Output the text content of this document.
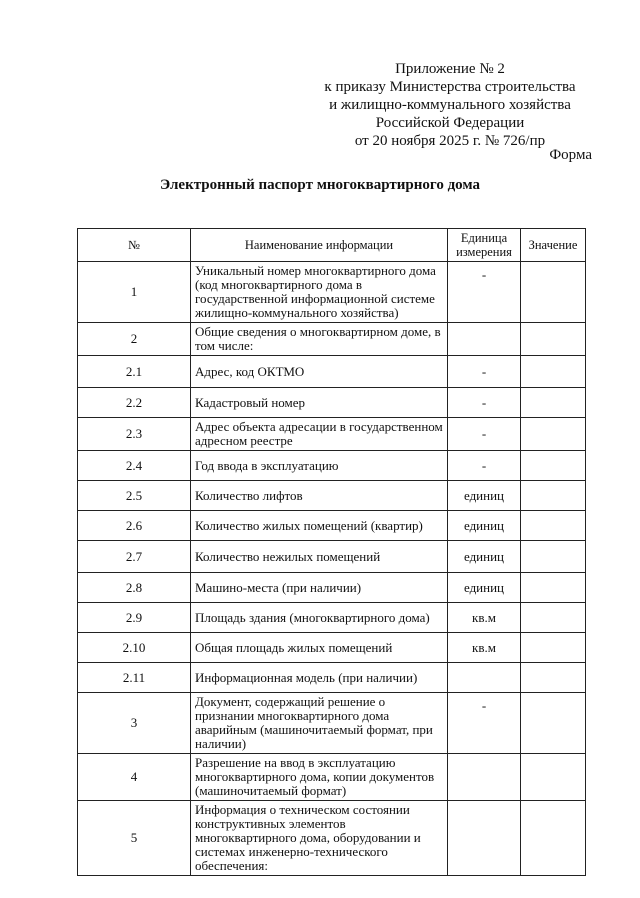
Приложение № 2
к приказу Министерства строительства
и жилищно-коммунального хозяйства
Российской Федерации
от 20 ноября 2025 г. № 726/пр
Форма
Электронный паспорт многоквартирного дома
№	Наименование информации	Единица измерения	Значение
1	Уникальный номер многоквартирного дома (код многоквартирного дома в государственной информационной системе жилищно-коммунального хозяйства)	-	
2	Общие сведения о многоквартирном доме, в том числе:		
2.1	Адрес, код ОКТМО	-	
2.2	Кадастровый номер	-	
2.3	Адрес объекта адресации в государственном адресном реестре	-	
2.4	Год ввода в эксплуатацию	-	
2.5	Количество лифтов	единиц	
2.6	Количество жилых помещений (квартир)	единиц	
2.7	Количество нежилых помещений	единиц	
2.8	Машино-места (при наличии)	единиц	
2.9	Площадь здания (многоквартирного дома)	кв.м	
2.10	Общая площадь жилых помещений	кв.м	
2.11	Информационная модель (при наличии)		
3	Документ, содержащий решение о признании многоквартирного дома аварийным (машиночитаемый формат, при наличии)	-	
4	Разрешение на ввод в эксплуатацию многоквартирного дома, копии документов (машиночитаемый формат)		
5	Информация о техническом состоянии конструктивных элементов многоквартирного дома, оборудовании и системах инженерно-технического обеспечения:		
